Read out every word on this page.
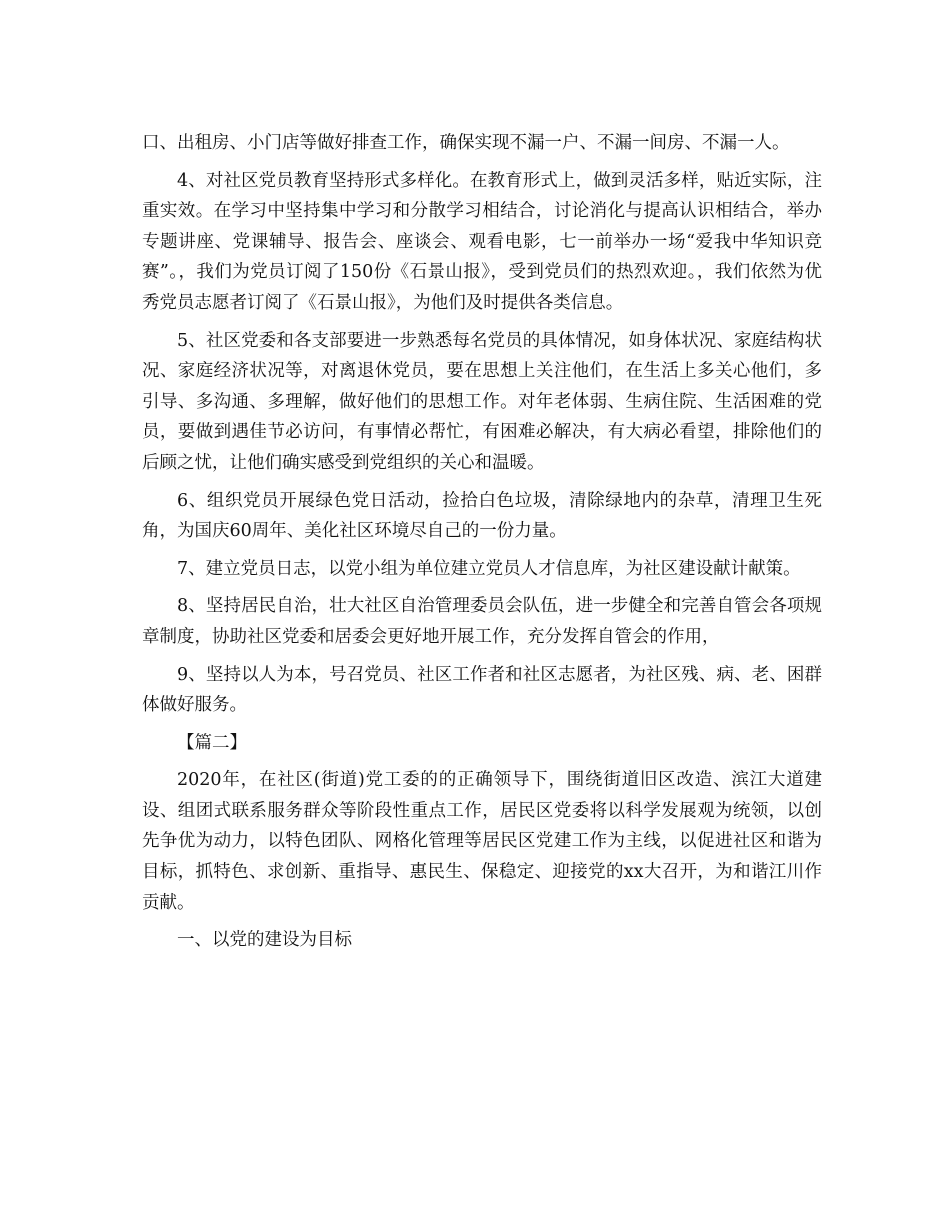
口、出租房、小门店等做好排查工作，确保实现不漏一户、不漏一间房、不漏一人。

4、对社区党员教育坚持形式多样化。在教育形式上，做到灵活多样，贴近实际，注重实效。在学习中坚持集中学习和分散学习相结合，讨论消化与提高认识相结合，举办专题讲座、党课辅导、报告会、座谈会、观看电影，七一前举办一场“爱我中华知识竞赛”。，我们为党员订阅了150份《石景山报》，受到党员们的热烈欢迎。，我们依然为优秀党员志愿者订阅了《石景山报》，为他们及时提供各类信息。

5、社区党委和各支部要进一步熟悉每名党员的具体情况，如身体状况、家庭结构状况、家庭经济状况等，对离退休党员，要在思想上关注他们，在生活上多关心他们，多引导、多沟通、多理解，做好他们的思想工作。对年老体弱、生病住院、生活困难的党员，要做到遇佳节必访问，有事情必帮忙，有困难必解决，有大病必看望，排除他们的后顾之忧，让他们确实感受到党组织的关心和温暖。

6、组织党员开展绿色党日活动，捡拾白色垃圾，清除绿地内的杂草，清理卫生死角，为国庆60周年、美化社区环境尽自己的一份力量。

7、建立党员日志，以党小组为单位建立党员人才信息库，为社区建设献计献策。

8、坚持居民自治，壮大社区自治管理委员会队伍，进一步健全和完善自管会各项规章制度，协助社区党委和居委会更好地开展工作，充分发挥自管会的作用，

9、坚持以人为本，号召党员、社区工作者和社区志愿者，为社区残、病、老、困群体做好服务。

【篇二】

2020年，在社区(街道)党工委的的正确领导下，围绕街道旧区改造、滨江大道建设、组团式联系服务群众等阶段性重点工作，居民区党委将以科学发展观为统领，以创先争优为动力，以特色团队、网格化管理等居民区党建工作为主线，以促进社区和谐为目标，抓特色、求创新、重指导、惠民生、保稳定、迎接党的xx大召开，为和谐江川作贡献。

一、以党的建设为目标
